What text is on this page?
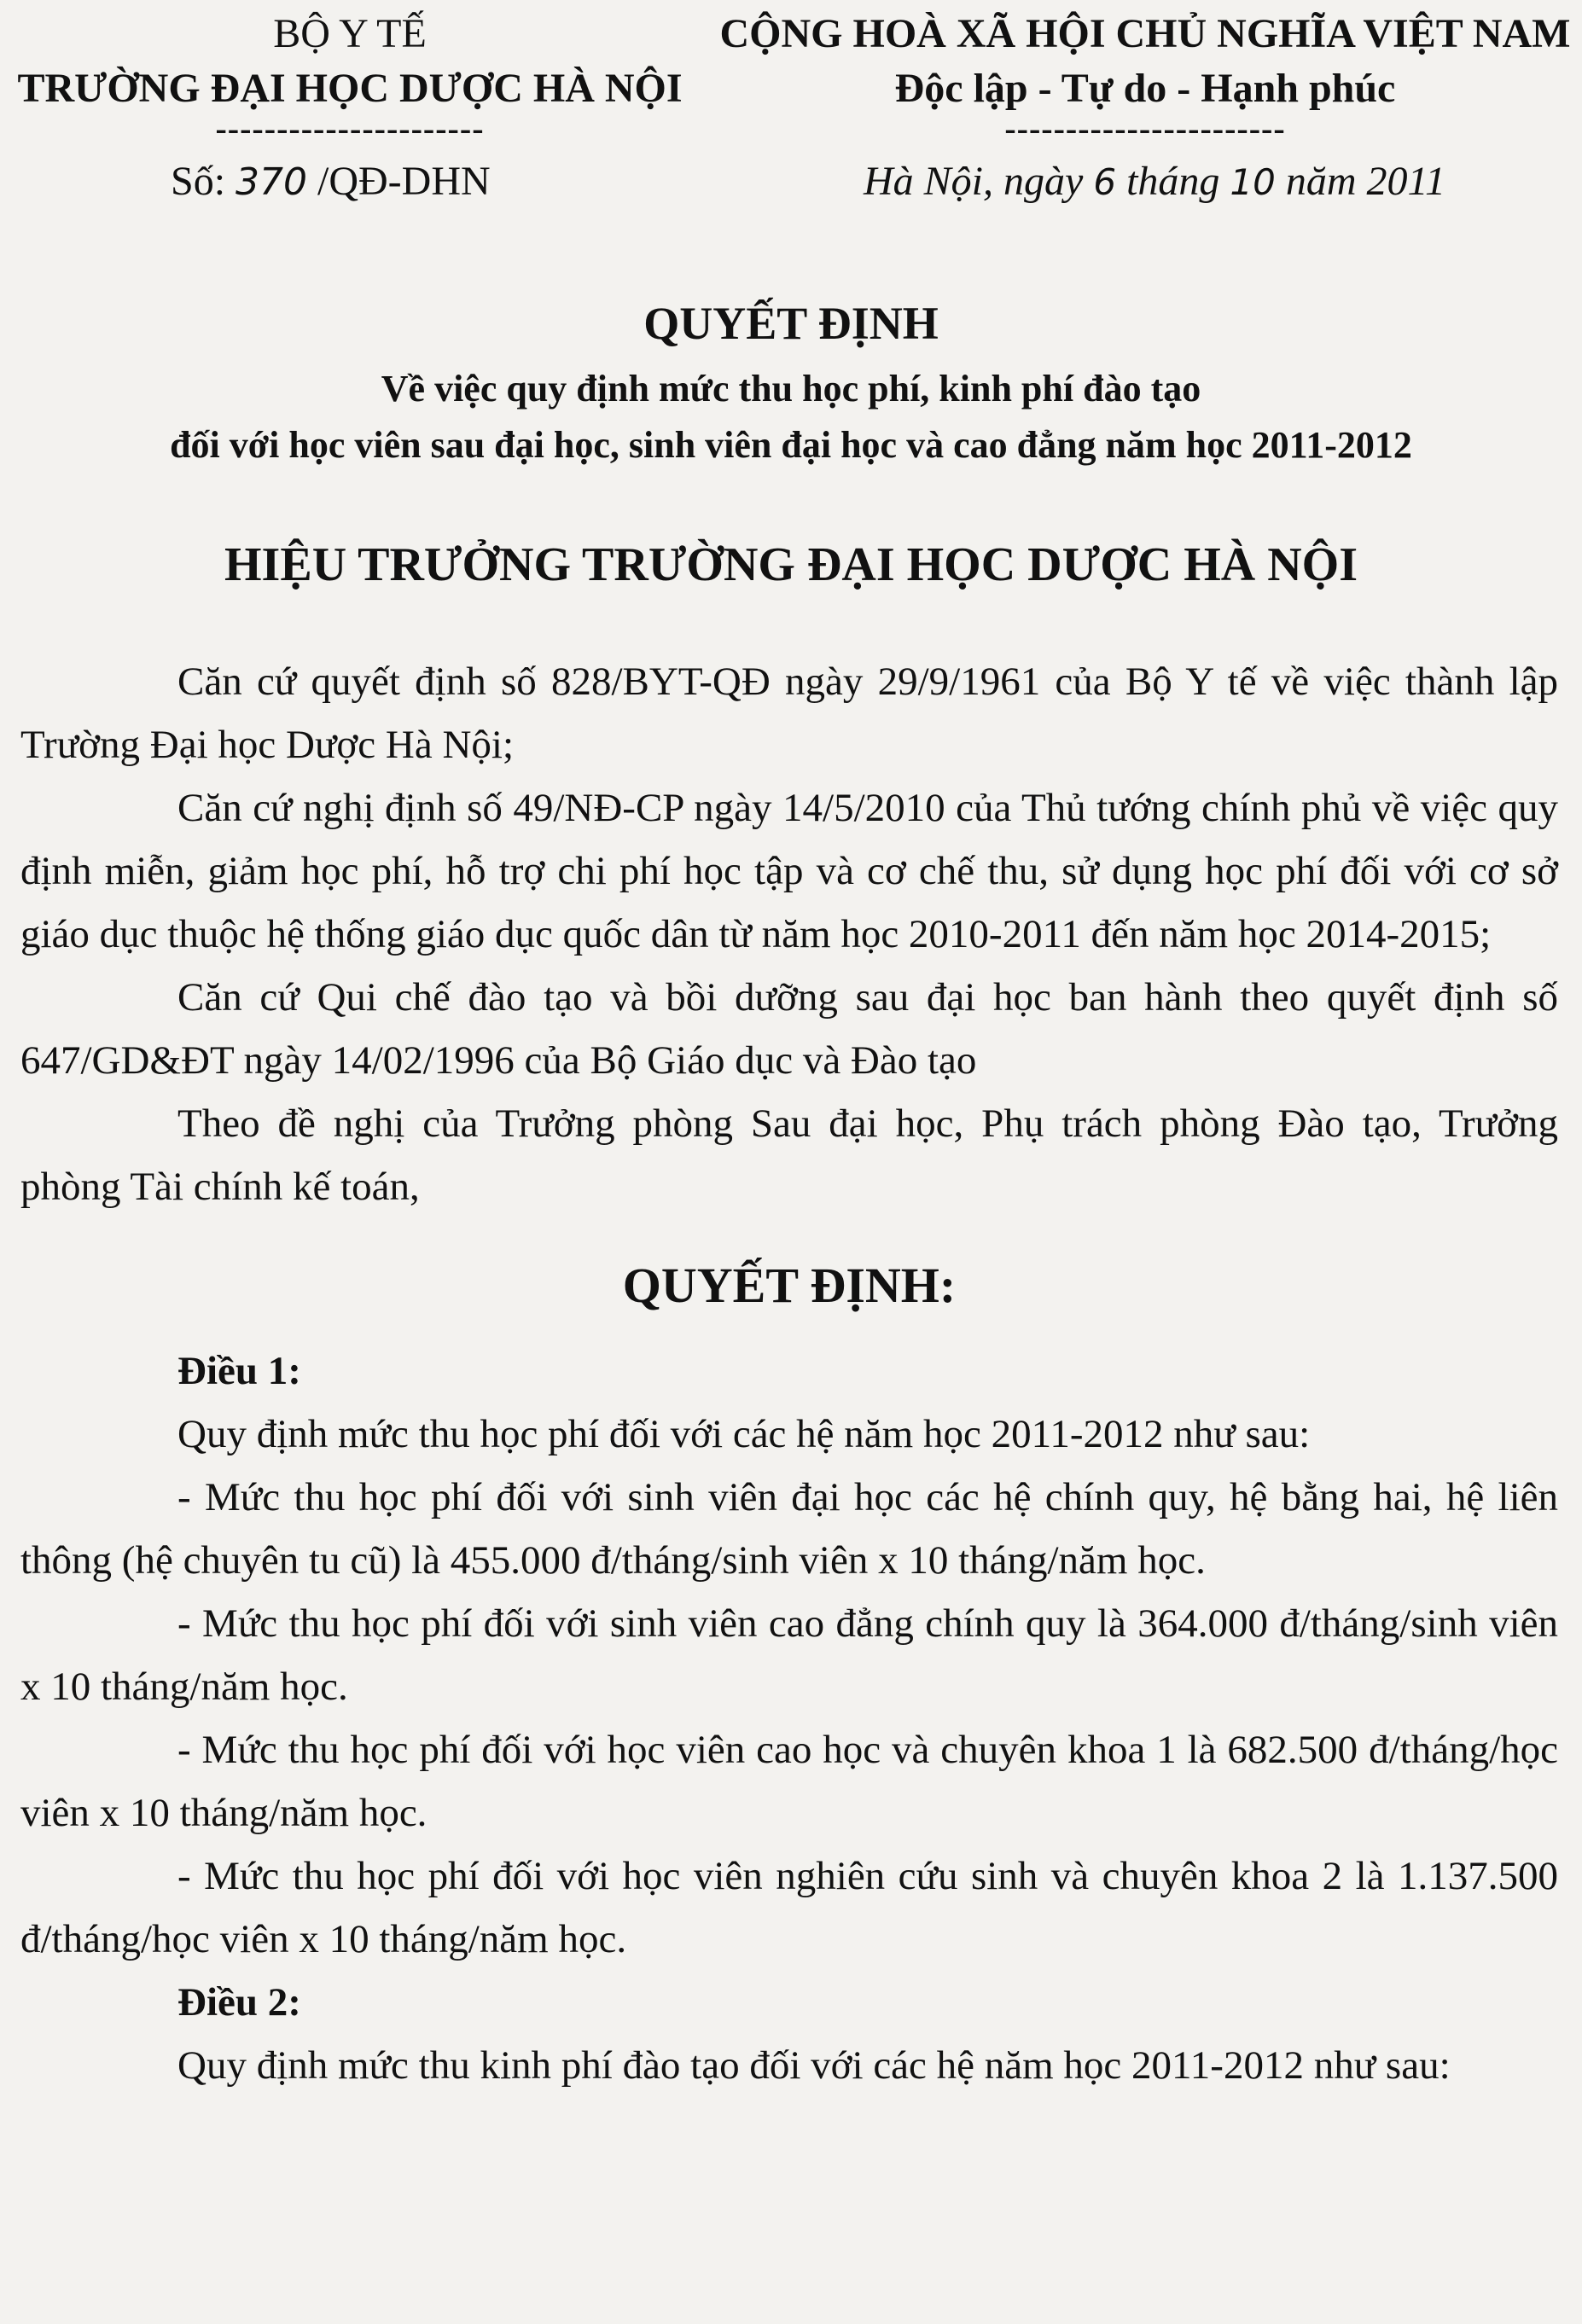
BỘ Y TẾ
TRƯỜNG ĐẠI HỌC DƯỢC HÀ NỘI
----------------------
CỘNG HOÀ XÃ HỘI CHỦ NGHĨA VIỆT NAM
Độc lập - Tự do - Hạnh phúc
-----------------------
Số: 370 /QĐ-DHN	Hà Nội, ngày 6 tháng 10 năm 2011
QUYẾT ĐỊNH
Về việc quy định mức thu học phí, kinh phí đào tạo
đối với học viên sau đại học, sinh viên đại học và cao đẳng năm học 2011-2012
HIỆU TRƯỞNG TRƯỜNG ĐẠI HỌC DƯỢC HÀ NỘI

Căn cứ quyết định số 828/BYT-QĐ ngày 29/9/1961 của Bộ Y tế về việc thành lập Trường Đại học Dược Hà Nội;

Căn cứ nghị định số 49/NĐ-CP ngày 14/5/2010 của Thủ tướng chính phủ về việc quy định miễn, giảm học phí, hỗ trợ chi phí học tập và cơ chế thu, sử dụng học phí đối với cơ sở giáo dục thuộc hệ thống giáo dục quốc dân từ năm học 2010-2011 đến năm học 2014-2015;

Căn cứ Qui chế đào tạo và bồi dưỡng sau đại học ban hành theo quyết định số 647/GD&ĐT ngày 14/02/1996 của Bộ Giáo dục và Đào tạo

Theo đề nghị của Trưởng phòng Sau đại học, Phụ trách phòng Đào tạo, Trưởng phòng Tài chính kế toán,

QUYẾT ĐỊNH:

Điều 1:

Quy định mức thu học phí đối với các hệ năm học 2011-2012 như sau:

- Mức thu học phí đối với sinh viên đại học các hệ chính quy, hệ bằng hai, hệ liên thông (hệ chuyên tu cũ) là 455.000 đ/tháng/sinh viên x 10 tháng/năm học.

- Mức thu học phí đối với sinh viên cao đẳng chính quy là 364.000 đ/tháng/sinh viên x 10 tháng/năm học.

- Mức thu học phí đối với học viên cao học và chuyên khoa 1 là 682.500 đ/tháng/học viên x 10 tháng/năm học.

- Mức thu học phí đối với học viên nghiên cứu sinh và chuyên khoa 2 là 1.137.500 đ/tháng/học viên x 10 tháng/năm học.

Điều 2:

Quy định mức thu kinh phí đào tạo đối với các hệ năm học 2011-2012 như sau:
